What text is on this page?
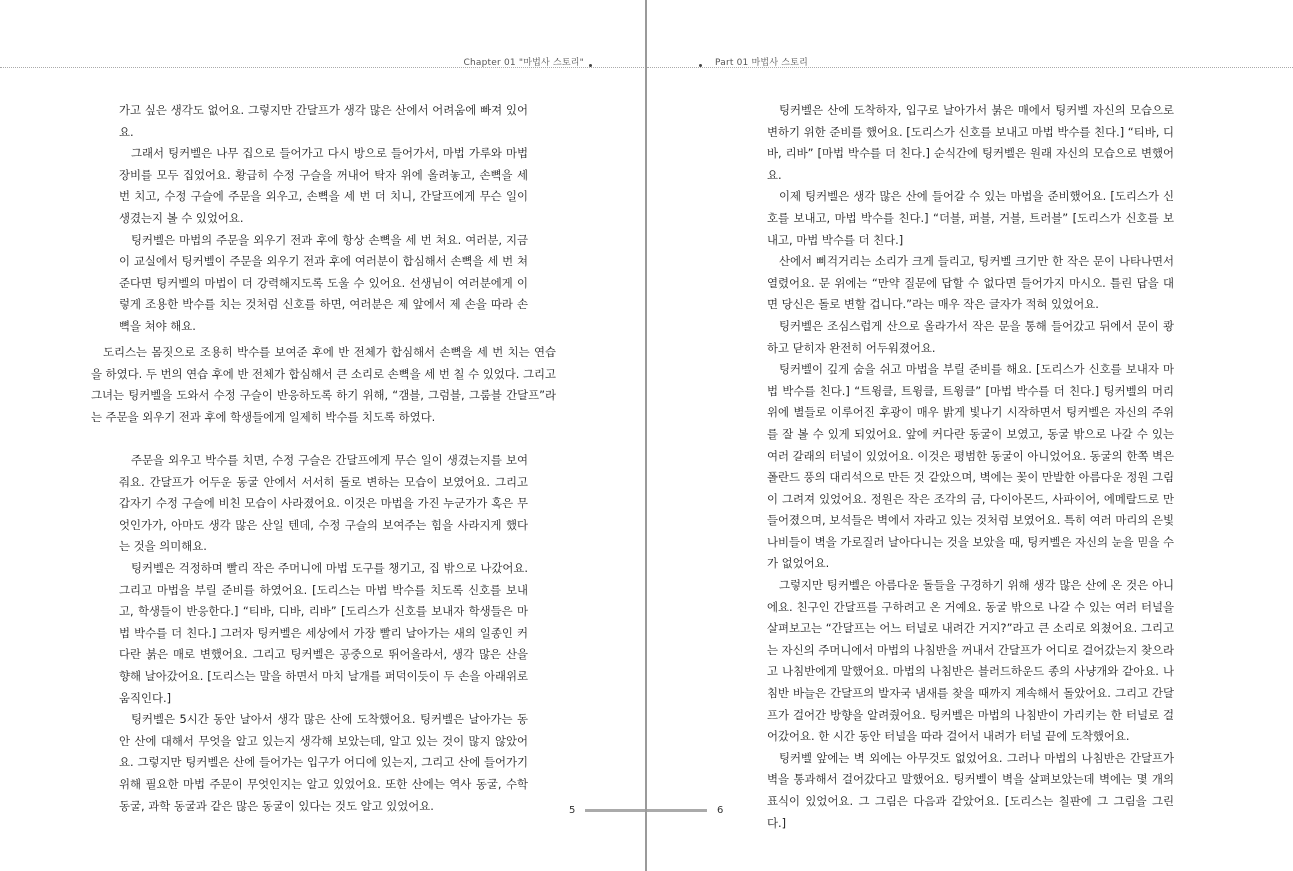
Chapter 01 "마법사 스토리"

가고 싶은 생각도 없어요. 그렇지만 간달프가 생각 많은 산에서 어려움에 빠져 있어요.

그래서 팅커벨은 나무 집으로 들어가고 다시 방으로 들어가서, 마법 가루와 마법 장비를 모두 집었어요. 황급히 수정 구슬을 꺼내어 탁자 위에 올려놓고, 손뼉을 세 번 치고, 수정 구슬에 주문을 외우고, 손뼉을 세 번 더 치니, 간달프에게 무슨 일이 생겼는지 볼 수 있었어요.

팅커벨은 마법의 주문을 외우기 전과 후에 항상 손뼉을 세 번 쳐요. 여러분, 지금 이 교실에서 팅커벨이 주문을 외우기 전과 후에 여러분이 합심해서 손뼉을 세 번 쳐준다면 팅커벨의 마법이 더 강력해지도록 도울 수 있어요. 선생님이 여러분에게 이렇게 조용한 박수를 치는 것처럼 신호를 하면, 여러분은 제 앞에서 제 손을 따라 손뼉을 쳐야 해요.

도리스는 몸짓으로 조용히 박수를 보여준 후에 반 전체가 합심해서 손뼉을 세 번 치는 연습을 하였다. 두 번의 연습 후에 반 전체가 합심해서 큰 소리로 손뼉을 세 번 칠 수 있었다. 그리고 그녀는 팅커벨을 도와서 수정 구슬이 반응하도록 하기 위해, “갬블, 그럼블, 그룸블 간달프”라는 주문을 외우기 전과 후에 학생들에게 일제히 박수를 치도록 하였다.

주문을 외우고 박수를 치면, 수정 구슬은 간달프에게 무슨 일이 생겼는지를 보여줘요. 간달프가 어두운 동굴 안에서 서서히 돌로 변하는 모습이 보였어요. 그리고 갑자기 수정 구슬에 비친 모습이 사라졌어요. 이것은 마법을 가진 누군가가 혹은 무엇인가가, 아마도 생각 많은 산일 텐데, 수정 구슬의 보여주는 힘을 사라지게 했다는 것을 의미해요.

팅커벨은 걱정하며 빨리 작은 주머니에 마법 도구를 챙기고, 집 밖으로 나갔어요. 그리고 마법을 부릴 준비를 하였어요. [도리스는 마법 박수를 치도록 신호를 보내고, 학생들이 반응한다.] “티바, 디바, 리바” [도리스가 신호를 보내자 학생들은 마법 박수를 더 친다.] 그러자 팅커벨은 세상에서 가장 빨리 날아가는 새의 일종인 커다란 붉은 매로 변했어요. 그리고 팅커벨은 공중으로 뛰어올라서, 생각 많은 산을 향해 날아갔어요. [도리스는 말을 하면서 마치 날개를 퍼덕이듯이 두 손을 아래위로 움직인다.]

팅커벨은 5시간 동안 날아서 생각 많은 산에 도착했어요. 팅커벨은 날아가는 동안 산에 대해서 무엇을 알고 있는지 생각해 보았는데, 알고 있는 것이 많지 않았어요. 그렇지만 팅커벨은 산에 들어가는 입구가 어디에 있는지, 그리고 산에 들어가기 위해 필요한 마법 주문이 무엇인지는 알고 있었어요. 또한 산에는 역사 동굴, 수학 동굴, 과학 동굴과 같은 많은 동굴이 있다는 것도 알고 있었어요.	5
Part 01 마법사 스토리

팅커벨은 산에 도착하자, 입구로 날아가서 붉은 매에서 팅커벨 자신의 모습으로 변하기 위한 준비를 했어요. [도리스가 신호를 보내고 마법 박수를 친다.] “티바, 디바, 리바” [마법 박수를 더 친다.] 순식간에 팅커벨은 원래 자신의 모습으로 변했어요.

이제 팅커벨은 생각 많은 산에 들어갈 수 있는 마법을 준비했어요. [도리스가 신호를 보내고, 마법 박수를 친다.] “더블, 퍼블, 거블, 트러블” [도리스가 신호를 보내고, 마법 박수를 더 친다.]

산에서 삐걱거리는 소리가 크게 들리고, 팅커벨 크기만 한 작은 문이 나타나면서 열렸어요. 문 위에는 “만약 질문에 답할 수 없다면 들어가지 마시오. 틀린 답을 대면 당신은 돌로 변할 겁니다.”라는 매우 작은 글자가 적혀 있었어요.

팅커벨은 조심스럽게 산으로 올라가서 작은 문을 통해 들어갔고 뒤에서 문이 쾅하고 닫히자 완전히 어두워졌어요.

팅커벨이 깊게 숨을 쉬고 마법을 부릴 준비를 해요. [도리스가 신호를 보내자 마법 박수를 친다.] “트윙클, 트윙클, 트윙클” [마법 박수를 더 친다.] 팅커벨의 머리 위에 별들로 이루어진 후광이 매우 밝게 빛나기 시작하면서 팅커벨은 자신의 주위를 잘 볼 수 있게 되었어요. 앞에 커다란 동굴이 보였고, 동굴 밖으로 나갈 수 있는 여러 갈래의 터널이 있었어요. 이것은 평범한 동굴이 아니었어요. 동굴의 한쪽 벽은 폴란드 풍의 대리석으로 만든 것 같았으며, 벽에는 꽃이 만발한 아름다운 정원 그림이 그려져 있었어요. 정원은 작은 조각의 금, 다이아몬드, 사파이어, 에메랄드로 만들어졌으며, 보석들은 벽에서 자라고 있는 것처럼 보였어요. 특히 여러 마리의 은빛 나비들이 벽을 가로질러 날아다니는 것을 보았을 때, 팅커벨은 자신의 눈을 믿을 수가 없었어요.

그렇지만 팅커벨은 아름다운 돌들을 구경하기 위해 생각 많은 산에 온 것은 아니에요. 친구인 간달프를 구하려고 온 거예요. 동굴 밖으로 나갈 수 있는 여러 터널을 살펴보고는 “간달프는 어느 터널로 내려간 거지?”라고 큰 소리로 외쳤어요. 그리고는 자신의 주머니에서 마법의 나침반을 꺼내서 간달프가 어디로 걸어갔는지 찾으라고 나침반에게 말했어요. 마법의 나침반은 블러드하운드 종의 사냥개와 같아요. 나침반 바늘은 간달프의 발자국 냄새를 찾을 때까지 계속해서 돌았어요. 그리고 간달프가 걸어간 방향을 알려줬어요. 팅커벨은 마법의 나침반이 가리키는 한 터널로 걸어갔어요. 한 시간 동안 터널을 따라 걸어서 내려가 터널 끝에 도착했어요.

팅커벨 앞에는 벽 외에는 아무것도 없었어요. 그러나 마법의 나침반은 간달프가 벽을 통과해서 걸어갔다고 말했어요. 팅커벨이 벽을 살펴보았는데 벽에는 몇 개의 표식이 있었어요. 그 그림은 다음과 같았어요. [도리스는 칠판에 그 그림을 그린다.]

6
